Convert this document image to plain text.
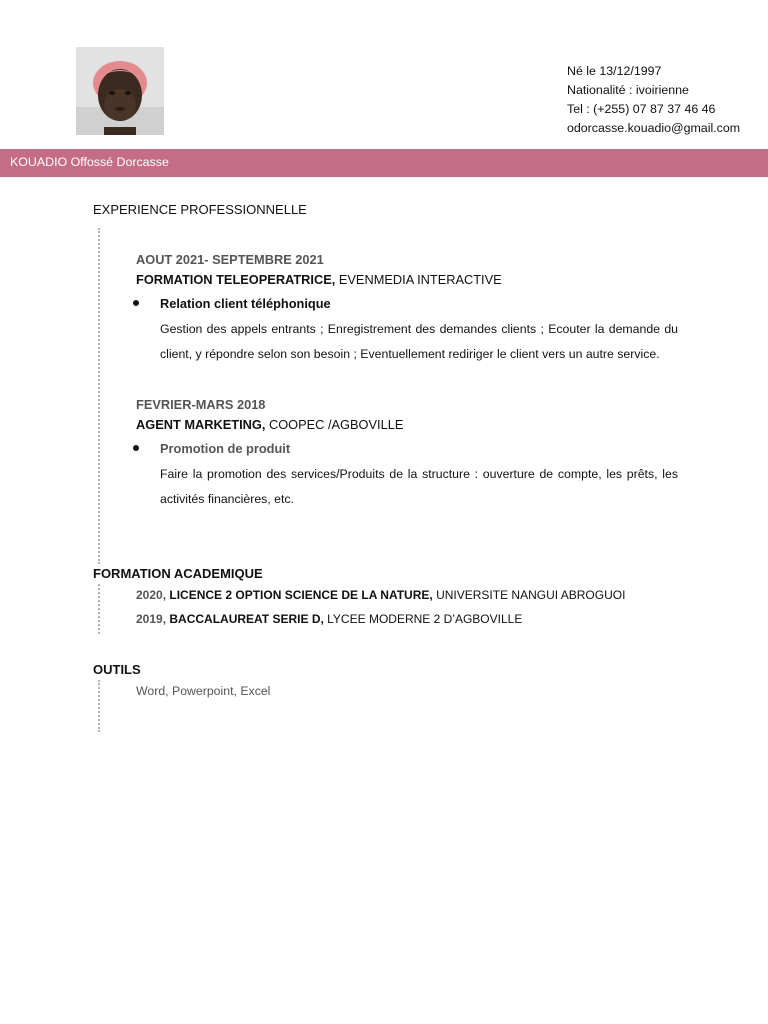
Né le 13/12/1997
Nationalité : ivoirienne
Tel : (+255) 07 87 37 46 46
odorcasse.kouadio@gmail.com
KOUADIO Offossé Dorcasse
EXPERIENCE PROFESSIONNELLE
AOUT 2021- SEPTEMBRE 2021
FORMATION TELEOPERATRICE, EVENMEDIA INTERACTIVE
Relation client téléphonique
Gestion des appels entrants ; Enregistrement des demandes clients ; Ecouter la demande du client, y répondre selon son besoin ; Eventuellement rediriger le client vers un autre service.
FEVRIER-MARS 2018
AGENT MARKETING, COOPEC /AGBOVILLE
Promotion de produit
Faire la promotion des services/Produits de la structure : ouverture de compte, les prêts, les activités financières, etc.
FORMATION ACADEMIQUE
2020, LICENCE 2 OPTION SCIENCE DE LA NATURE, UNIVERSITE NANGUI ABROGUOI
2019, BACCALAUREAT SERIE D, LYCEE MODERNE 2 D’AGBOVILLE
OUTILS
Word, Powerpoint, Excel
